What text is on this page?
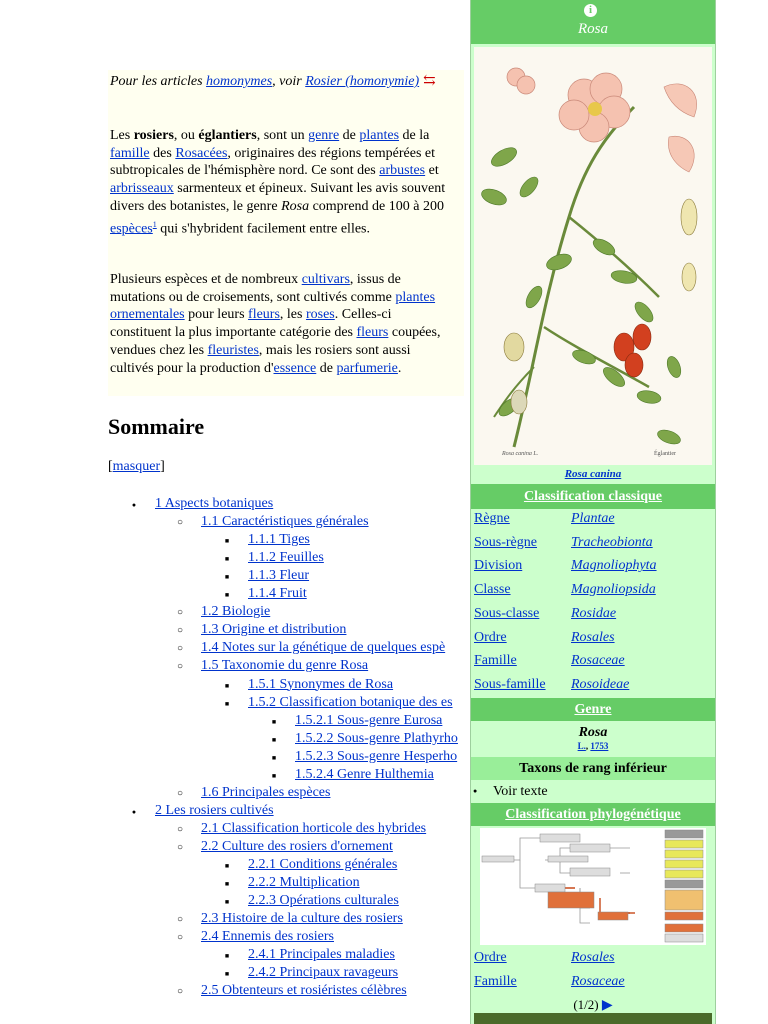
Pour les articles homonymes, voir Rosier (homonymie) ⇆
Les rosiers, ou églantiers, sont un genre de plantes de la famille des Rosacées, originaires des régions tempérées et subtropicales de l'hémisphère nord. Ce sont des arbustes et arbrisseaux sarmenteux et épineux. Suivant les avis souvent divers des botanistes, le genre Rosa comprend de 100 à 200 espèces$^1$ qui s'hybrident facilement entre elles.
Plusieurs espèces et de nombreux cultivars, issus de mutations ou de croisements, sont cultivés comme plantes ornementales pour leurs fleurs, les roses. Celles-ci constituent la plus importante catégorie des fleurs coupées, vendues chez les fleuristes, mais les rosiers sont aussi cultivés pour la production d'essence de parfumerie.
Sommaire
[masquer]
●
1 Aspects botaniques
○
1.1 Caractéristiques générales
■
1.1.1 Tiges
■
1.1.2 Feuilles
■
1.1.3 Fleur
■
1.1.4 Fruit
○
1.2 Biologie
○
1.3 Origine et distribution
○
1.4 Notes sur la génétique de quelques espè
○
1.5 Taxonomie du genre Rosa
■
1.5.1 Synonymes de Rosa
■
1.5.2 Classification botanique des es
■
1.5.2.1 Sous-genre Eurosa
■
1.5.2.2 Sous-genre Plathyrho
■
1.5.2.3 Sous-genre Hesperho
■
1.5.2.4 Genre Hulthemia
○
1.6 Principales espèces
●
2 Les rosiers cultivés
○
2.1 Classification horticole des hybrides
○
2.2 Culture des rosiers d'ornement
■
2.2.1 Conditions générales
■
2.2.2 Multiplication
■
2.2.3 Opérations culturales
○
2.3 Histoire de la culture des rosiers
○
2.4 Ennemis des rosiers
■
2.4.1 Principales maladies
■
2.4.2 Principaux ravageurs
○
2.5 Obtenteurs et rosiéristes célèbres
i
Rosa
Rosa canina L.	Églantier
Rosa canina
Classification classique
Règne	Plantae
Sous-règne Tracheobionta
Division	Magnoliophyta
Classe	Magnoliopsida
Sous-classe Rosidae
Ordre	Rosales
Famille	Rosaceae
Sous-famille Rosoideae
Genre
Rosa
L., 1753
Taxons de rang inférieur
● Voir texte
Classification phylogénétique
Ordre	Rosales
Famille	Rosaceae
(1/2) ▶
